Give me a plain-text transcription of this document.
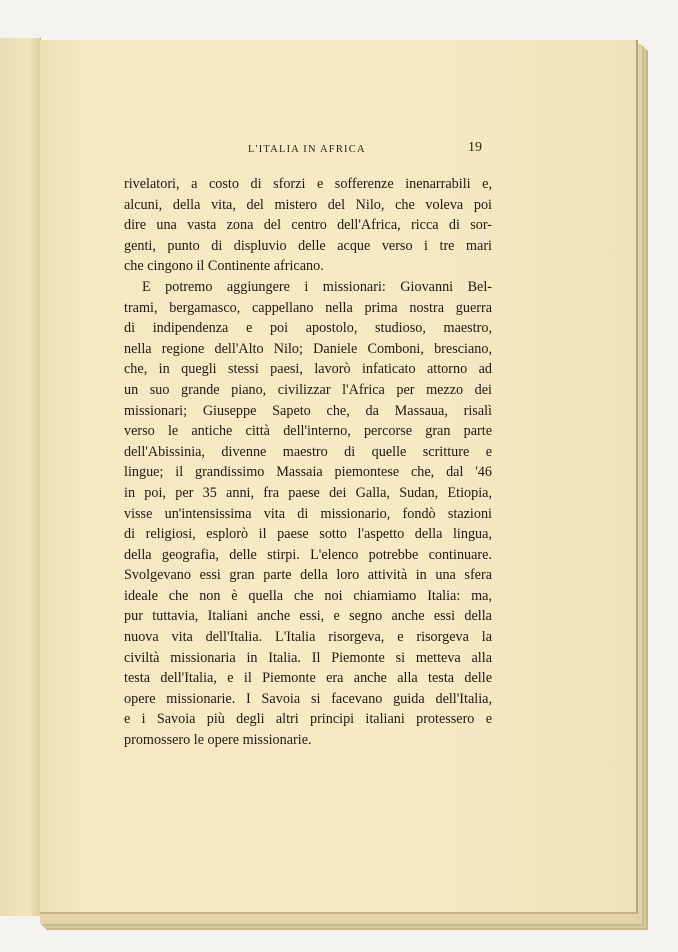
L'ITALIA IN AFRICA	19
rivelatori, a costo di sforzi e sofferenze inenarrabili e,
alcuni, della vita, del mistero del Nilo, che voleva poi
dire una vasta zona del centro dell'Africa, ricca di sor-
genti, punto di displuvio delle acque verso i tre mari
che cingono il Continente africano.
E potremo aggiungere i missionari: Giovanni Bel-
trami, bergamasco, cappellano nella prima nostra guerra
di indipendenza e poi apostolo, studioso, maestro,
nella regione dell'Alto Nilo; Daniele Comboni, bresciano,
che, in quegli stessi paesi, lavorò infaticato attorno ad
un suo grande piano, civilizzar l'Africa per mezzo dei
missionari; Giuseppe Sapeto che, da Massaua, risalì
verso le antiche città dell'interno, percorse gran parte
dell'Abissinia, divenne maestro di quelle scritture e
lingue; il grandissimo Massaia piemontese che, dal '46
in poi, per 35 anni, fra paese dei Galla, Sudan, Etiopia,
visse un'intensissima vita di missionario, fondò stazioni
di religiosi, esplorò il paese sotto l'aspetto della lingua,
della geografia, delle stirpi. L'elenco potrebbe continuare.
Svolgevano essi gran parte della loro attività in una sfera
ideale che non è quella che noi chiamiamo Italia: ma,
pur tuttavia, Italiani anche essi, e segno anche essi della
nuova vita dell'Italia. L'Italia risorgeva, e risorgeva la
civiltà missionaria in Italia. Il Piemonte si metteva alla
testa dell'Italia, e il Piemonte era anche alla testa delle
opere missionarie. I Savoia si facevano guida dell'Italia,
e i Savoia più degli altri principi italiani protessero e
promossero le opere missionarie.
